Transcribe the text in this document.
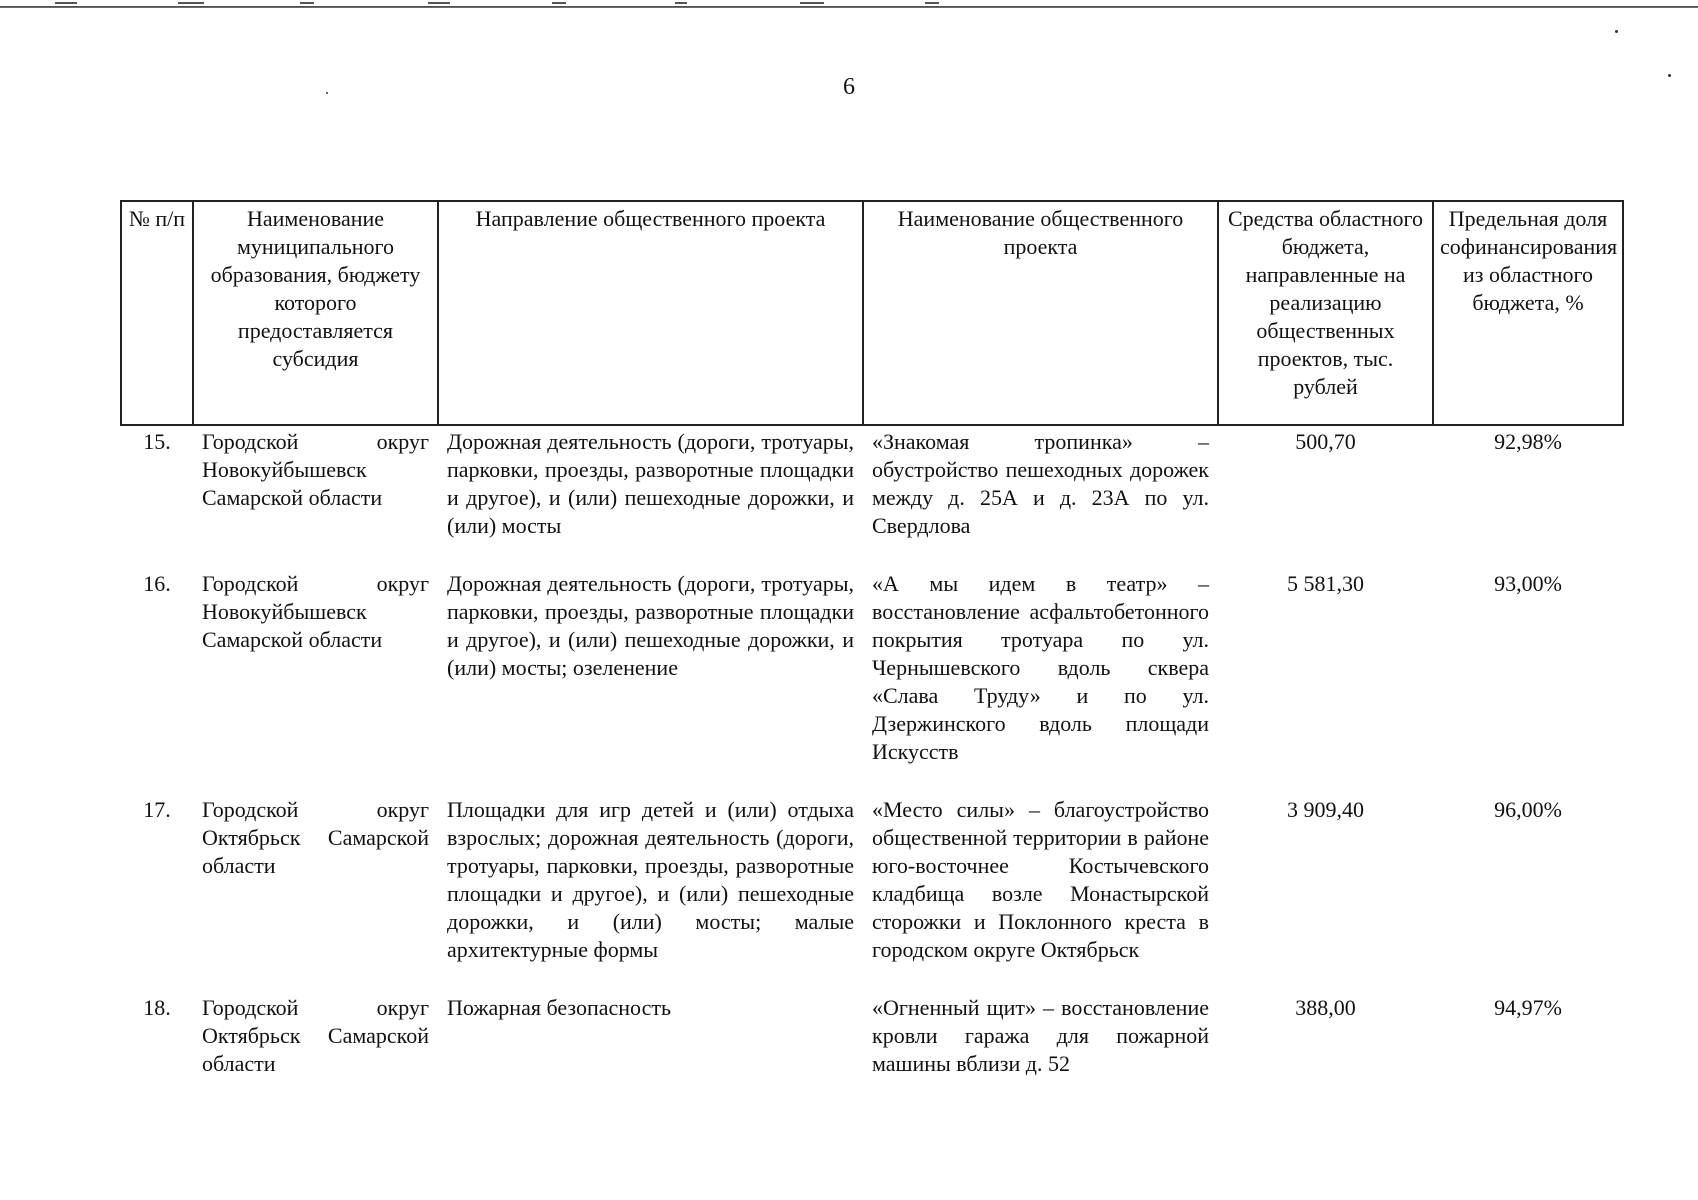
6
№ п/п	Наименование муниципального образования, бюджету которого предоставляется субсидия	Направление общественного проекта	Наименование общественного проекта	Средства областного бюджета, направленные на реализацию общественных проектов, тыс. рублей	Предельная доля софинансирования из областного бюджета, %
15.	Городской округ Новокуйбышевск Самарской области	Дорожная деятельность (дороги, тротуары, парковки, проезды, разворотные площадки и другое), и (или) пешеходные дорожки, и (или) мосты	«Знакомая тропинка» – обустройство пешеходных дорожек между д. 25А и д. 23А по ул. Свердлова	500,70	92,98%
16.	Городской округ Новокуйбышевск Самарской области	Дорожная деятельность (дороги, тротуары, парковки, проезды, разворотные площадки и другое), и (или) пешеходные дорожки, и (или) мосты; озеленение	«А мы идем в театр» – восстановление асфальтобетонного покрытия тротуара по ул. Чернышевского вдоль сквера «Слава Труду» и по ул. Дзержинского вдоль площади Искусств	5 581,30	93,00%
17.	Городской округ Октябрьск Самарской области	Площадки для игр детей и (или) отдыха взрослых; дорожная деятельность (дороги, тротуары, парковки, проезды, разворотные площадки и другое), и (или) пешеходные дорожки, и (или) мосты; малые архитектурные формы	«Место силы» – благоустройство общественной территории в районе юго-восточнее Костычевского кладбища возле Монастырской сторожки и Поклонного креста в городском округе Октябрьск	3 909,40	96,00%
18.	Городской округ Октябрьск Самарской области	Пожарная безопасность	«Огненный щит» – восстановление кровли гаража для пожарной машины вблизи д. 52	388,00	94,97%
